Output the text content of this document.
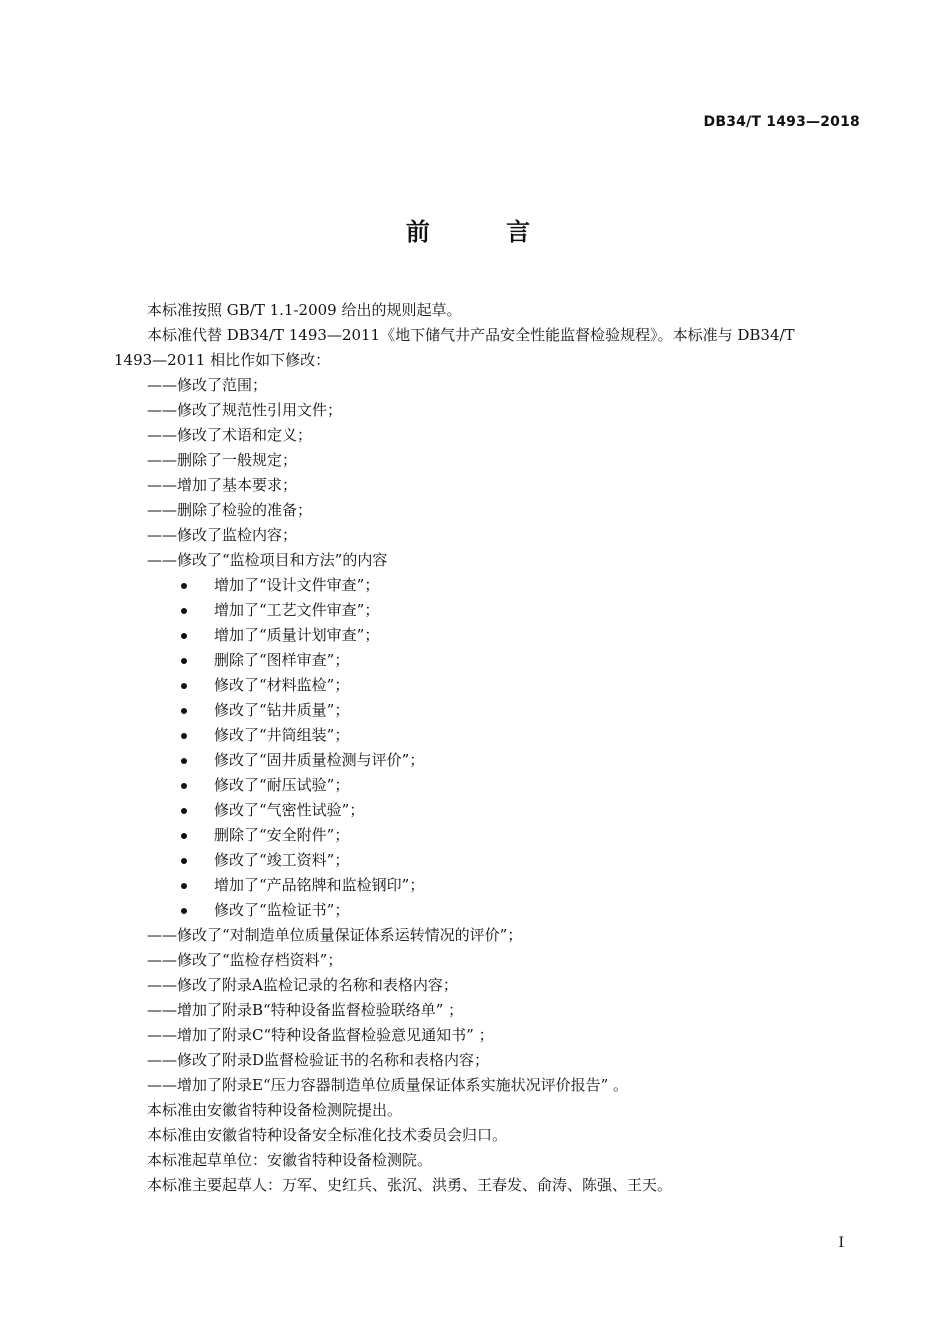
DB34/T 1493—2018
前 言
本标准按照 GB/T 1.1-2009 给出的规则起草。
本标准代替 DB34/T 1493—2011《地下储气井产品安全性能监督检验规程》。本标准与 DB34/T
1493—2011 相比作如下修改：
——修改了范围；
——修改了规范性引用文件；
——修改了术语和定义；
——删除了一般规定；
——增加了基本要求；
——删除了检验的准备；
——修改了监检内容；
——修改了“监检项目和方法”的内容
增加了“设计文件审查”；
增加了“工艺文件审查”；
增加了“质量计划审查”；
删除了“图样审查”；
修改了“材料监检”；
修改了“钻井质量”；
修改了“井筒组装”；
修改了“固井质量检测与评价”；
修改了“耐压试验”；
修改了“气密性试验”；
删除了“安全附件”；
修改了“竣工资料”；
增加了“产品铭牌和监检钢印”；
修改了“监检证书”；
——修改了“对制造单位质量保证体系运转情况的评价”；
——修改了“监检存档资料”；
——修改了附录A监检记录的名称和表格内容；
——增加了附录B“特种设备监督检验联络单” ；
——增加了附录C“特种设备监督检验意见通知书” ；
——修改了附录D监督检验证书的名称和表格内容；
——增加了附录E“压力容器制造单位质量保证体系实施状况评价报告” 。
本标准由安徽省特种设备检测院提出。
本标准由安徽省特种设备安全标准化技术委员会归口。
本标准起草单位：安徽省特种设备检测院。
本标准主要起草人：万军、史红兵、张沉、洪勇、王春发、俞涛、陈强、王天。
I
